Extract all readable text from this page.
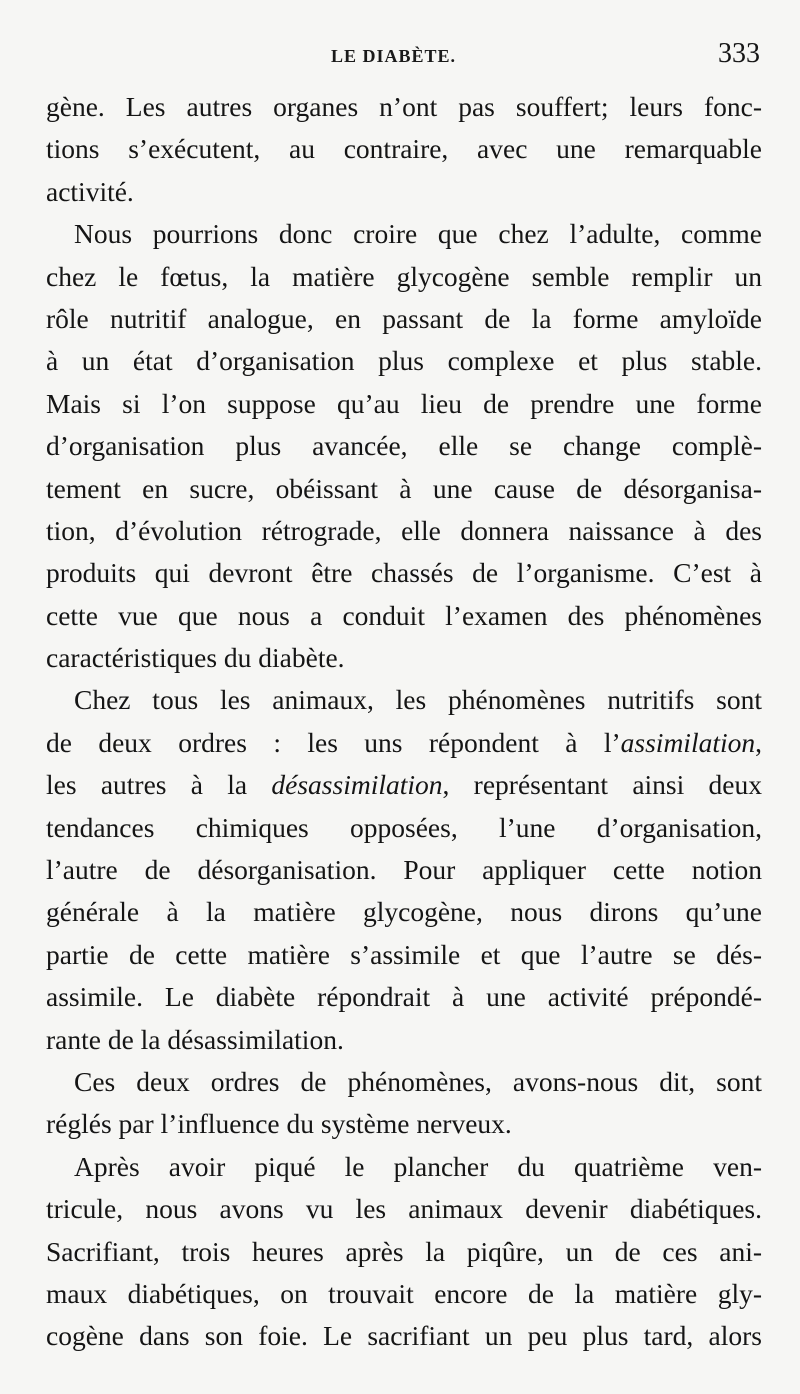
LE DIABÈTE.	333
gène. Les autres organes n’ont pas souffert; leurs fonc-
tions s’exécutent, au contraire, avec une remarquable
activité.
Nous pourrions donc croire que chez l’adulte, comme
chez le fœtus, la matière glycogène semble remplir un
rôle nutritif analogue, en passant de la forme amyloïde
à un état d’organisation plus complexe et plus stable.
Mais si l’on suppose qu’au lieu de prendre une forme
d’organisation plus avancée, elle se change complè-
tement en sucre, obéissant à une cause de désorganisa-
tion, d’évolution rétrograde, elle donnera naissance à des
produits qui devront être chassés de l’organisme. C’est à
cette vue que nous a conduit l’examen des phénomènes
caractéristiques du diabète.
Chez tous les animaux, les phénomènes nutritifs sont
de deux ordres : les uns répondent à l’assimilation,
les autres à la désassimilation, représentant ainsi deux
tendances chimiques opposées, l’une d’organisation,
l’autre de désorganisation. Pour appliquer cette notion
générale à la matière glycogène, nous dirons qu’une
partie de cette matière s’assimile et que l’autre se dés-
assimile. Le diabète répondrait à une activité prépondé-
rante de la désassimilation.
Ces deux ordres de phénomènes, avons-nous dit, sont
réglés par l’influence du système nerveux.
Après avoir piqué le plancher du quatrième ven-
tricule, nous avons vu les animaux devenir diabétiques.
Sacrifiant, trois heures après la piqûre, un de ces ani-
maux diabétiques, on trouvait encore de la matière gly-
cogène dans son foie. Le sacrifiant un peu plus tard, alors
